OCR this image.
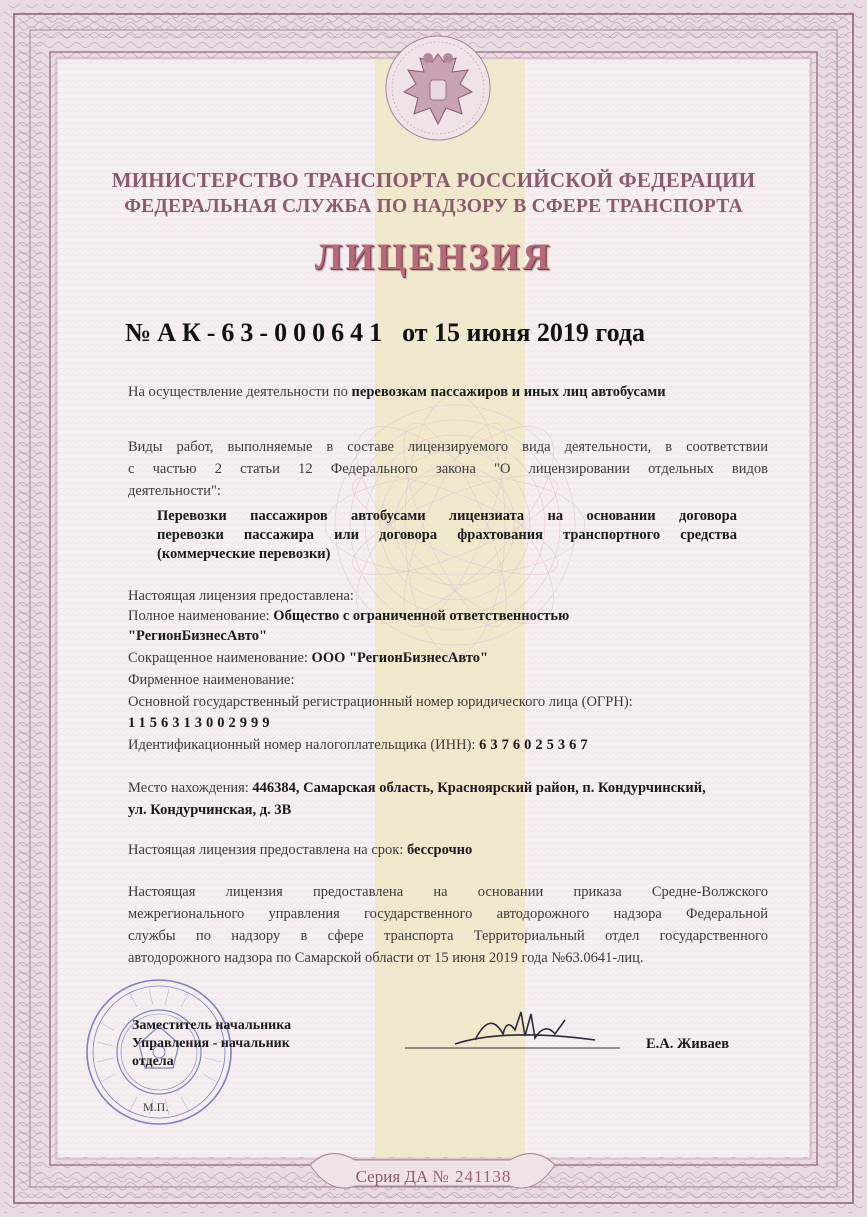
МИНИСТЕРСТВО ТРАНСПОРТА РОССИЙСКОЙ ФЕДЕРАЦИИ
ФЕДЕРАЛЬНАЯ СЛУЖБА ПО НАДЗОРУ В СФЕРЕ ТРАНСПОРТА
ЛИЦЕНЗИЯ
№ АК-63-000641 от 15 июня 2019 года
На осуществление деятельности по перевозкам пассажиров и иных лиц автобусами
Виды работ, выполняемые в составе лицензируемого вида деятельности, в соответствии
с частью 2 статьи 12 Федерального закона "О лицензировании отдельных видов
деятельности":
Перевозки пассажиров автобусами лицензиата на основании договора
перевозки пассажира или договора фрахтования транспортного средства
(коммерческие перевозки)
Настоящая лицензия предоставлена:
Полное наименование: Общество с ограниченной ответственностью
"РегионБизнесАвто"
Сокращенное наименование: ООО "РегионБизнесАвто"
Фирменное наименование:
Основной государственный регистрационный номер юридического лица (ОГРН):
1156313002999
Идентификационный номер налогоплательщика (ИНН): 6376025367
Место нахождения: 446384, Самарская область, Красноярский район, п. Кондурчинский,
ул. Кондурчинская, д. 3В
Настоящая лицензия предоставлена на срок: бессрочно
Настоящая лицензия предоставлена на основании приказа Средне-Волжского
межрегионального управления государственного автодорожного надзора Федеральной
службы по надзору в сфере транспорта Территориальный отдел государственного
автодорожного надзора по Самарской области от 15 июня 2019 года №63.0641-лиц.
Заместитель начальника
Управления - начальник
отдела
М.П.
Е.А. Живаев
Серия ДА № 241138
